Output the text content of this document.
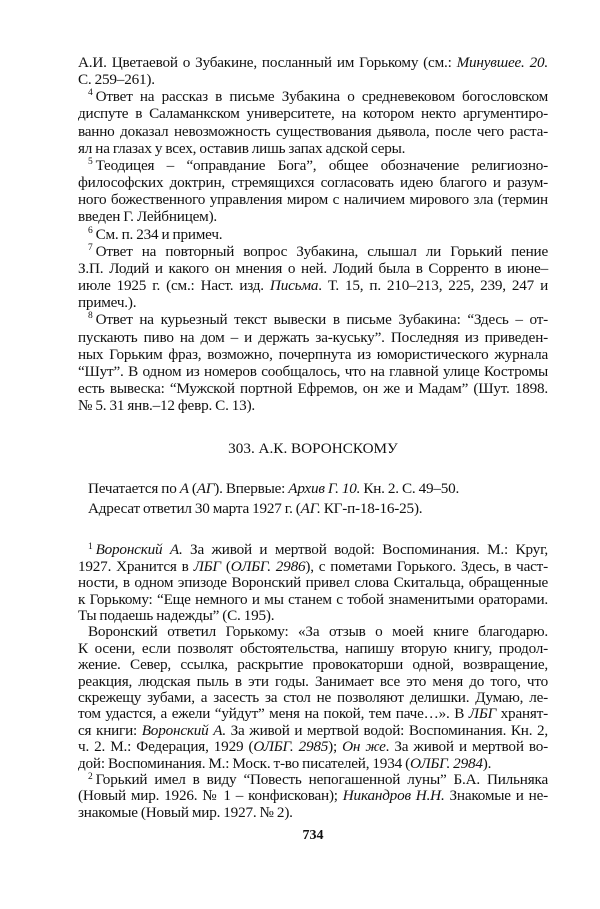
А.И. Цветаевой о Зубакине, посланный им Горькому (см.: Минувшее. 20.
С. 259–261).
$^4$ Ответ на рассказ в письме Зубакина о средневековом богословском
диспуте в Саламанкском университете, на котором некто аргументиро-
ванно доказал невозможность существования дьявола, после чего раста-
ял на глазах у всех, оставив лишь запах адской серы.
$^5$ Теодицея – “оправдание Бога”, общее обозначение религиозно-
философских доктрин, стремящихся согласовать идею благого и разум-
ного божественного управления миром с наличием мирового зла (термин
введен Г. Лейбницем).
$^6$ См. п. 234 и примеч.
$^7$ Ответ на повторный вопрос Зубакина, слышал ли Горький пение
З.П. Лодий и какого он мнения о ней. Лодий была в Сорренто в июне–
июле 1925 г. (см.: Наст. изд. Письма. Т. 15, п. 210–213, 225, 239, 247 и
примеч.).
$^8$ Ответ на курьезный текст вывески в письме Зубакина: “Здесь – от-
пускають пиво на дом – и держать за-куську”. Последняя из приведен-
ных Горьким фраз, возможно, почерпнута из юмористического журнала
“Шут”. В одном из номеров сообщалось, что на главной улице Костромы
есть вывеска: “Мужской портной Ефремов, он же и Мадам” (Шут. 1898.
№ 5. 31 янв.–12 февр. С. 13).
303. А.К. ВОРОНСКОМУ
Печатается по А (АГ). Впервые: Архив Г. 10. Кн. 2. С. 49–50.
Адресат ответил 30 марта 1927 г. (АГ. КГ-п-18-16-25).
$^1$ Воронский А. За живой и мертвой водой: Воспоминания. М.: Круг,
1927. Хранится в ЛБГ (ОЛБГ. 2986), с пометами Горького. Здесь, в част-
ности, в одном эпизоде Воронский привел слова Скитальца, обращенные
к Горькому: “Еще немного и мы станем с тобой знаменитыми ораторами.
Ты подаешь надежды” (С. 195).
Воронский ответил Горькому: «За отзыв о моей книге благодарю.
К осени, если позволят обстоятельства, напишу вторую книгу, продол-
жение. Север, ссылка, раскрытие провокаторши одной, возвращение,
реакция, людская пыль в эти годы. Занимает все это меня до того, что
скрежещу зубами, а засесть за стол не позволяют делишки. Думаю, ле-
том удастся, а ежели “уйдут” меня на покой, тем паче…». В ЛБГ хранят-
ся книги: Воронский А. За живой и мертвой водой: Воспоминания. Кн. 2,
ч. 2. М.: Федерация, 1929 (ОЛБГ. 2985); Он же. За живой и мертвой во-
дой: Воспоминания. М.: Моск. т-во писателей, 1934 (ОЛБГ. 2984).
$^2$ Горький имел в виду “Повесть непогашенной луны” Б.А. Пильняка
(Новый мир. 1926. № 1 – конфискован); Никандров Н.Н. Знакомые и не-
знакомые (Новый мир. 1927. № 2).
734
